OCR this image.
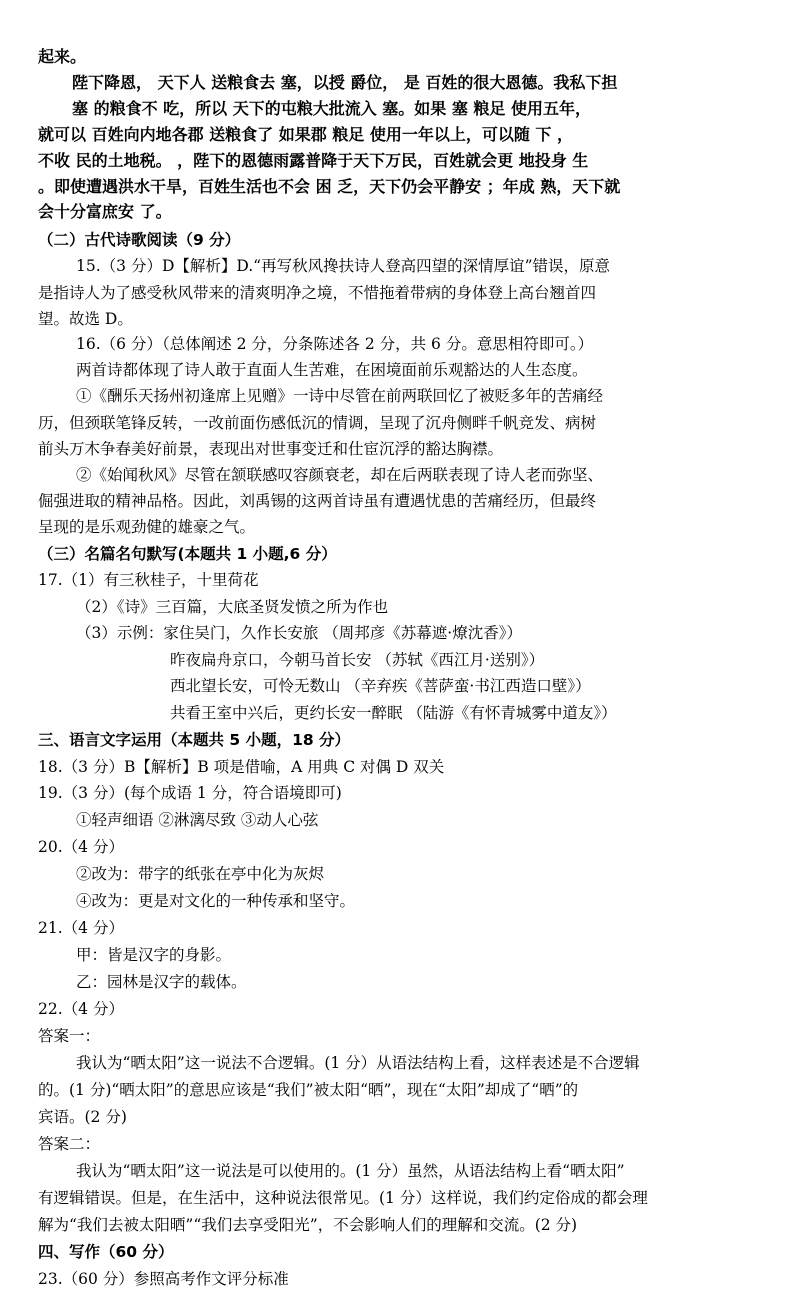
起来。
陛下降恩， 天下人 送粮食去 塞，以授 爵位， 是 百姓的很大恩德。我私下担
塞 的粮食不 吃，所以 天下的屯粮大批流入 塞。如果 塞 粮足 使用五年，
就可以 百姓向内地各郡 送粮食了 如果郡 粮足 使用一年以上，可以随 下 ，
不收 民的土地税。 ，陛下的恩德雨露普降于天下万民，百姓就会更 地投身 生
。即使遭遇洪水干旱，百姓生活也不会 困 乏，天下仍会平静安 ；年成 熟，天下就
会十分富庶安 了。
（二）古代诗歌阅读（9 分）
15.（3 分）D【解析】D.“再写秋风搀扶诗人登高四望的深情厚谊”错误，原意
是指诗人为了感受秋风带来的清爽明净之境，不惜拖着带病的身体登上高台翘首四
望。故选 D。
16.（6 分）（总体阐述 2 分，分条陈述各 2 分，共 6 分。意思相符即可。）
两首诗都体现了诗人敢于直面人生苦难，在困境面前乐观豁达的人生态度。
①《酬乐天扬州初逢席上见赠》一诗中尽管在前两联回忆了被贬多年的苦痛经
历，但颈联笔锋反转，一改前面伤感低沉的情调，呈现了沉舟侧畔千帆竞发、病树
前头万木争春美好前景，表现出对世事变迁和仕宦沉浮的豁达胸襟。
②《始闻秋风》尽管在颔联感叹容颜衰老，却在后两联表现了诗人老而弥坚、
倔强进取的精神品格。因此，刘禹锡的这两首诗虽有遭遇忧患的苦痛经历，但最终
呈现的是乐观劲健的雄豪之气。
（三）名篇名句默写(本题共 1 小题,6 分）
17.（1）有三秋桂子，十里荷花
（2）《诗》三百篇，大底圣贤发愤之所为作也
（3）示例：家住吴门，久作长安旅 （周邦彦《苏幕遮·燎沈香》）
昨夜扁舟京口，今朝马首长安 （苏轼《西江月·送别》）
西北望长安，可怜无数山 （辛弃疾《菩萨蛮·书江西造口壁》）
共看王室中兴后，更约长安一醉眠 （陆游《有怀青城雾中道友》）
三、语言文字运用（本题共 5 小题，18 分）
18.（3 分）B【解析】B 项是借喻，A 用典 C 对偶 D 双关
19.（3 分）(每个成语 1 分，符合语境即可)
①轻声细语 ②淋漓尽致 ③动人心弦
20.（4 分）
②改为：带字的纸张在亭中化为灰烬
④改为：更是对文化的一种传承和坚守。
21.（4 分）
甲：皆是汉字的身影。
乙：园林是汉字的载体。
22.（4 分）
答案一：
我认为“晒太阳”这一说法不合逻辑。(1 分）从语法结构上看，这样表述是不合逻辑
的。(1 分)“晒太阳”的意思应该是“我们”被太阳“晒”，现在“太阳”却成了“晒”的
宾语。(2 分)
答案二：
我认为“晒太阳”这一说法是可以使用的。(1 分）虽然，从语法结构上看“晒太阳”
有逻辑错误。但是，在生活中，这种说法很常见。(1 分）这样说，我们约定俗成的都会理
解为“我们去被太阳晒”“我们去享受阳光”，不会影响人们的理解和交流。(2 分)
四、写作（60 分）
23.（60 分）参照高考作文评分标准
